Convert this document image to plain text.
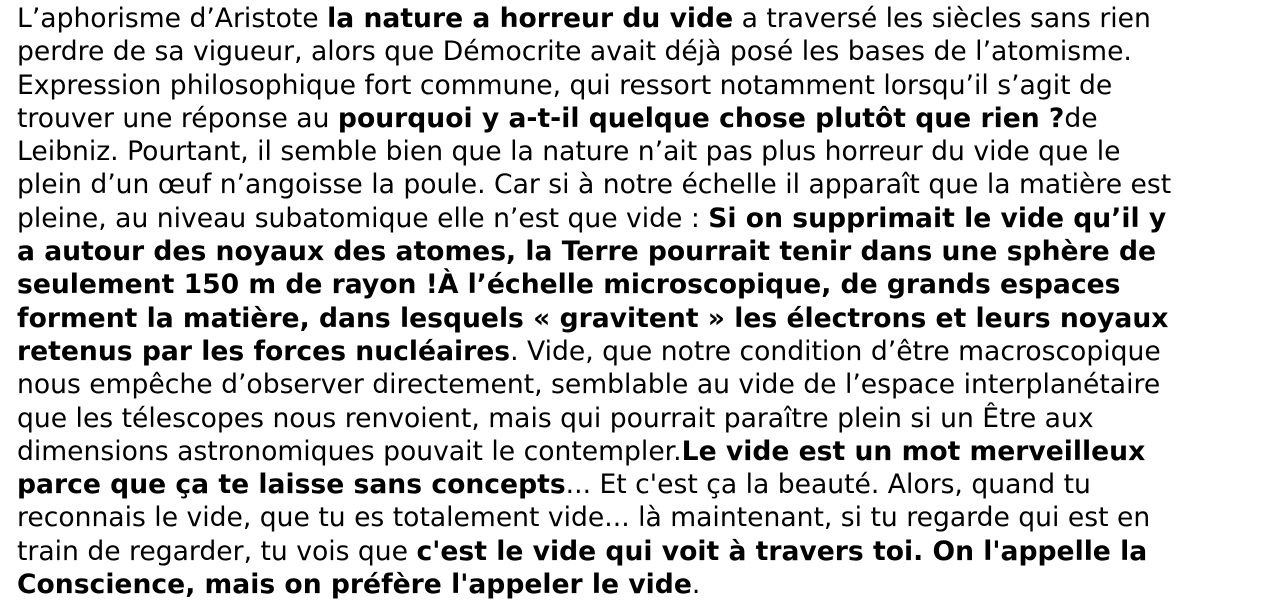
L’aphorisme d’Aristote la nature a horreur du vide a traversé les siècles sans rien
perdre de sa vigueur, alors que Démocrite avait déjà posé les bases de l’atomisme.
Expression philosophique fort commune, qui ressort notamment lorsqu’il s’agit de
trouver une réponse au pourquoi y a-t-il quelque chose plutôt que rien ?de
Leibniz. Pourtant, il semble bien que la nature n’ait pas plus horreur du vide que le
plein d’un œuf n’angoisse la poule. Car si à notre échelle il apparaît que la matière est
pleine, au niveau subatomique elle n’est que vide : Si on supprimait le vide qu’il y
a autour des noyaux des atomes, la Terre pourrait tenir dans une sphère de
seulement 150 m de rayon !À l’échelle microscopique, de grands espaces
forment la matière, dans lesquels « gravitent » les électrons et leurs noyaux
retenus par les forces nucléaires. Vide, que notre condition d’être macroscopique
nous empêche d’observer directement, semblable au vide de l’espace interplanétaire
que les télescopes nous renvoient, mais qui pourrait paraître plein si un Être aux
dimensions astronomiques pouvait le contempler.Le vide est un mot merveilleux
parce que ça te laisse sans concepts... Et c'est ça la beauté. Alors, quand tu
reconnais le vide, que tu es totalement vide... là maintenant, si tu regarde qui est en
train de regarder, tu vois que c'est le vide qui voit à travers toi. On l'appelle la
Conscience, mais on préfère l'appeler le vide.
